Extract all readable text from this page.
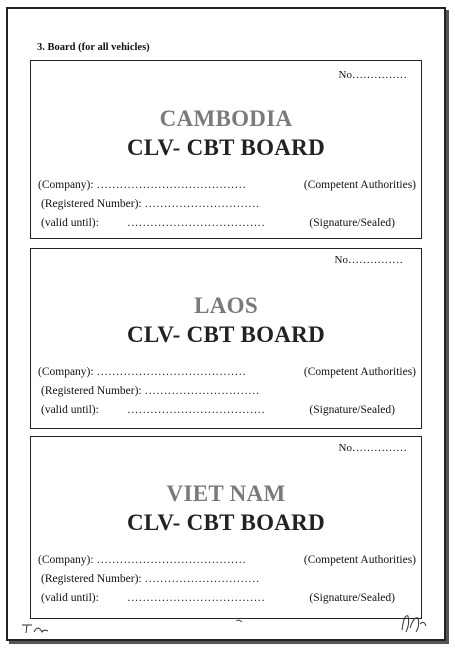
3. Board (for all vehicles)
No……………
CAMBODIA
CLV- CBT BOARD
(Company): …………………………………	(Competent Authorities)
(Registered Number): …………………………
(valid until): ………………………………	(Signature/Sealed)
No……………
LAOS
CLV- CBT BOARD
(Company): …………………………………	(Competent Authorities)
(Registered Number): …………………………
(valid until): ………………………………	(Signature/Sealed)
No……………
VIET NAM
CLV- CBT BOARD
(Company): …………………………………	(Competent Authorities)
(Registered Number): …………………………
(valid until): ………………………………	(Signature/Sealed)
